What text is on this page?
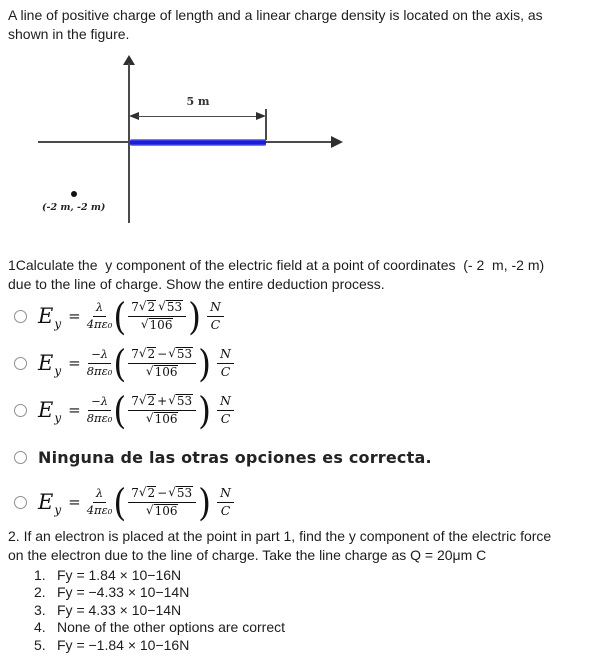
A line of positive charge of length and a linear charge density is located on the axis, as
shown in the figure.
5 m
(-2 m, -2 m)
1Calculate the  y component of the electric field at a point of coordinates  (- 2  m, -2 m)
due to the line of charge. Show the entire deduction process.
E $y = \frac{\lambda}{\text{4πε₀}}$ ( $\frac{7 √ 2 √ 53}{√ 106}$ ) $\frac{N}{C}$
E $y = \frac{-\lambda}{\text{8πε₀}}$ ( $\frac{7 √ 2 - √ 53}{√ 106}$ ) $\frac{N}{C}$
E $y = \frac{-\lambda}{\text{8πε₀}}$ ( $\frac{7 √ 2 + √ 53}{√ 106}$ ) $\frac{N}{C}$
Ninguna de las otras opciones es correcta.
E $y = \frac{\lambda}{\text{4πε₀}}$ ( $\frac{7 √ 2 - √ 53}{√ 106}$ ) $\frac{N}{C}$
2. If an electron is placed at the point in part 1, find the y component of the electric force
on the electron due to the line of charge. Take the line charge as Q = 20μm C
1. Fy = 1.84 × 10−16N
2. Fy = −4.33 × 10−14N
3. Fy = 4.33 × 10−14N
4. None of the other options are correct
5. Fy = −1.84 × 10−16N
